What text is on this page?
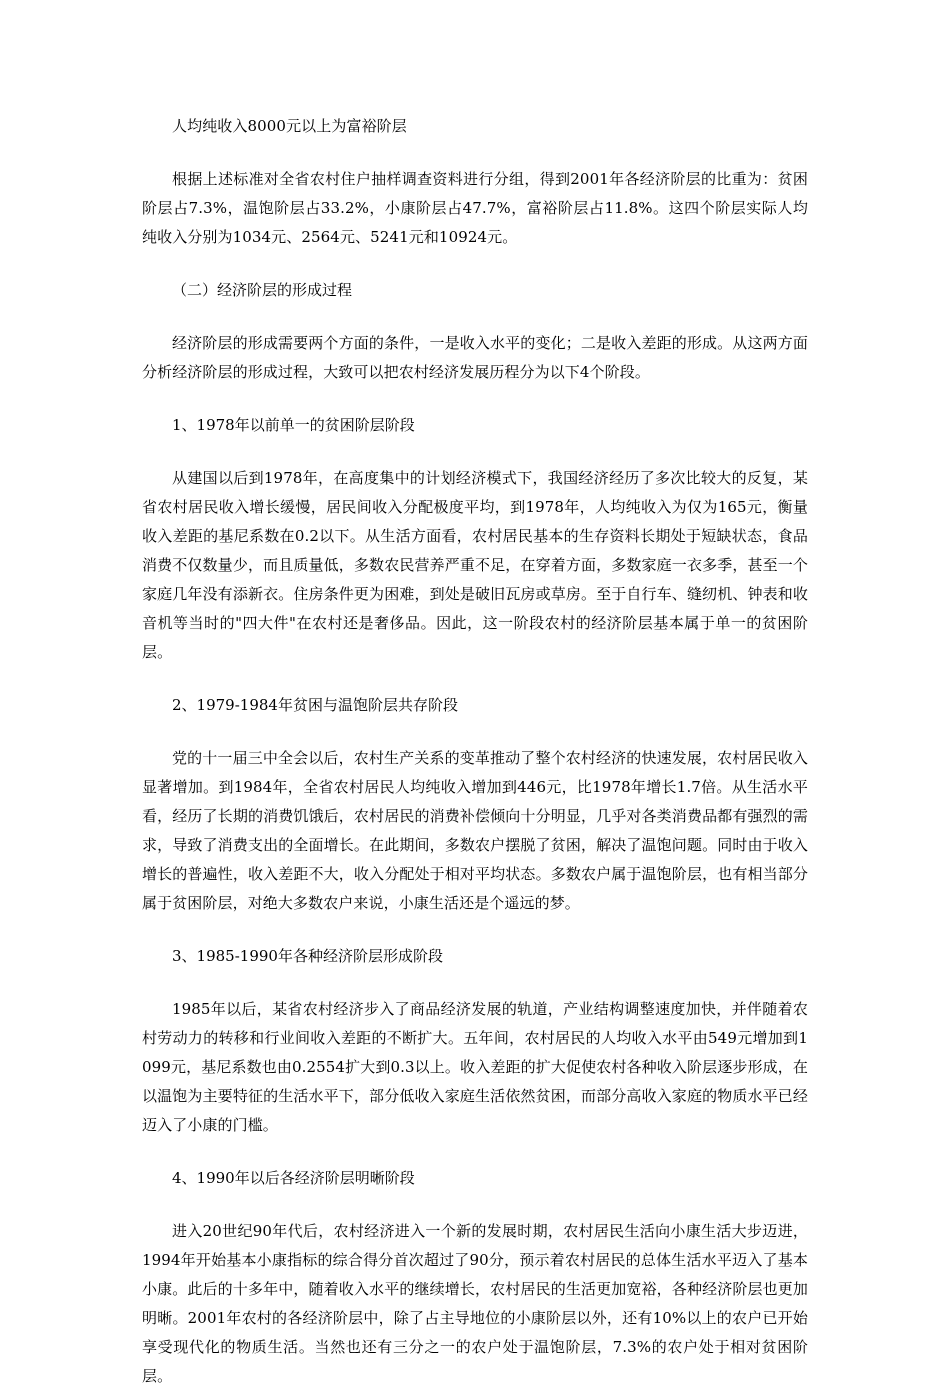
人均纯收入8000元以上为富裕阶层

根据上述标准对全省农村住户抽样调查资料进行分组，得到2001年各经济阶层的比重为：贫困阶层占7.3%，温饱阶层占33.2%，小康阶层占47.7%，富裕阶层占11.8%。这四个阶层实际人均纯收入分别为1034元、2564元、5241元和10924元。

（二）经济阶层的形成过程

经济阶层的形成需要两个方面的条件，一是收入水平的变化；二是收入差距的形成。从这两方面分析经济阶层的形成过程，大致可以把农村经济发展历程分为以下4个阶段。

1、1978年以前单一的贫困阶层阶段

从建国以后到1978年，在高度集中的计划经济模式下，我国经济经历了多次比较大的反复，某省农村居民收入增长缓慢，居民间收入分配极度平均，到1978年，人均纯收入为仅为165元，衡量收入差距的基尼系数在0.2以下。从生活方面看，农村居民基本的生存资料长期处于短缺状态，食品消费不仅数量少，而且质量低，多数农民营养严重不足，在穿着方面，多数家庭一衣多季，甚至一个家庭几年没有添新衣。住房条件更为困难，到处是破旧瓦房或草房。至于自行车、缝纫机、钟表和收音机等当时的"四大件"在农村还是奢侈品。因此，这一阶段农村的经济阶层基本属于单一的贫困阶层。

2、1979-1984年贫困与温饱阶层共存阶段

党的十一届三中全会以后，农村生产关系的变革推动了整个农村经济的快速发展，农村居民收入显著增加。到1984年，全省农村居民人均纯收入增加到446元，比1978年增长1.7倍。从生活水平看，经历了长期的消费饥饿后，农村居民的消费补偿倾向十分明显，几乎对各类消费品都有强烈的需求，导致了消费支出的全面增长。在此期间，多数农户摆脱了贫困，解决了温饱问题。同时由于收入增长的普遍性，收入差距不大，收入分配处于相对平均状态。多数农户属于温饱阶层，也有相当部分属于贫困阶层，对绝大多数农户来说，小康生活还是个遥远的梦。

3、1985-1990年各种经济阶层形成阶段

1985年以后，某省农村经济步入了商品经济发展的轨道，产业结构调整速度加快，并伴随着农村劳动力的转移和行业间收入差距的不断扩大。五年间，农村居民的人均收入水平由549元增加到1099元，基尼系数也由0.2554扩大到0.3以上。收入差距的扩大促使农村各种收入阶层逐步形成，在以温饱为主要特征的生活水平下，部分低收入家庭生活依然贫困，而部分高收入家庭的物质水平已经迈入了小康的门槛。

4、1990年以后各经济阶层明晰阶段

进入20世纪90年代后，农村经济进入一个新的发展时期，农村居民生活向小康生活大步迈进，1994年开始基本小康指标的综合得分首次超过了90分，预示着农村居民的总体生活水平迈入了基本小康。此后的十多年中，随着收入水平的继续增长，农村居民的生活更加宽裕，各种经济阶层也更加明晰。2001年农村的各经济阶层中，除了占主导地位的小康阶层以外，还有10%以上的农户已开始享受现代化的物质生活。当然也还有三分之一的农户处于温饱阶层，7.3%的农户处于相对贫困阶层。
